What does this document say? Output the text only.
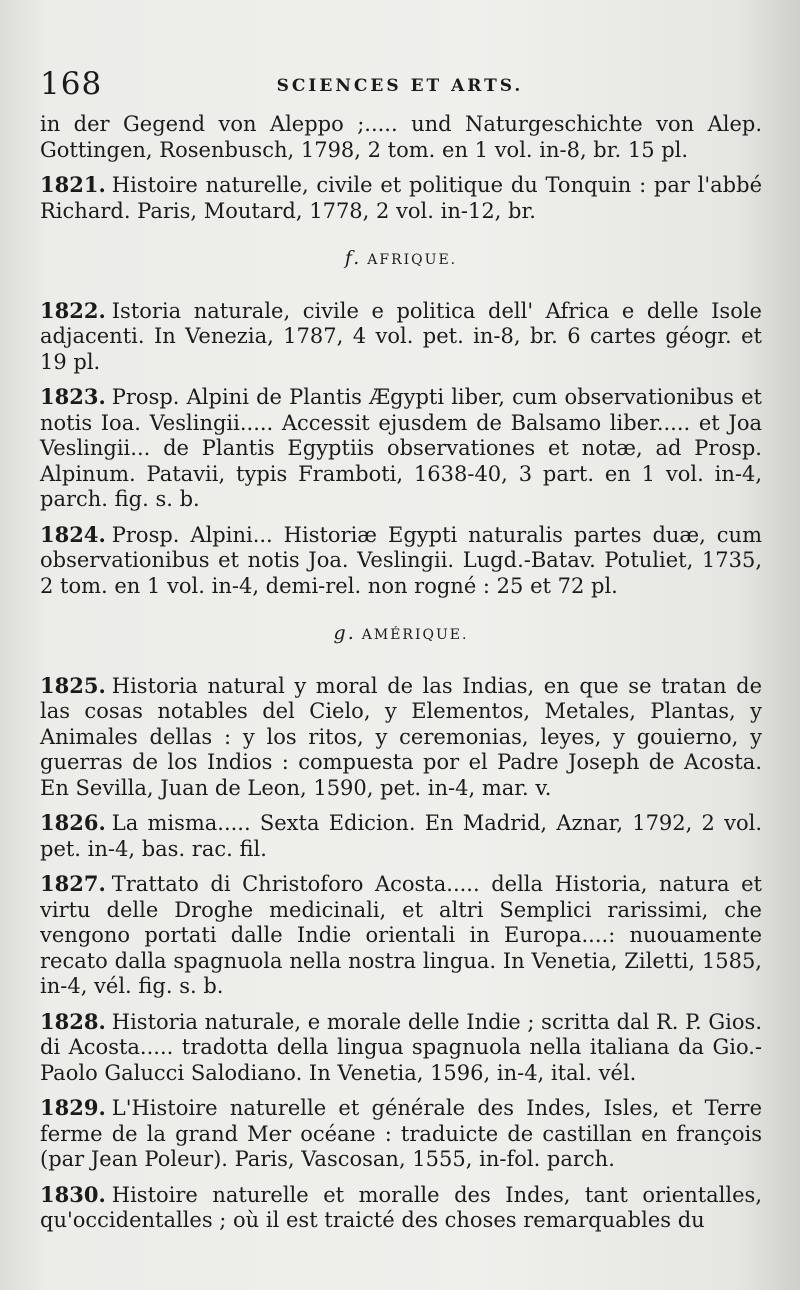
168	SCIENCES ET ARTS.

in der Gegend von Aleppo ;..... und Naturgeschichte von Alep. Gottingen, Rosenbusch, 1798, 2 tom. en 1 vol. in-8, br. 15 pl.

1821. Histoire naturelle, civile et politique du Tonquin : par l'abbé Richard. Paris, Moutard, 1778, 2 vol. in-12, br.

f. AFRIQUE.

1822. Istoria naturale, civile e politica dell' Africa e delle Isole adjacenti. In Venezia, 1787, 4 vol. pet. in-8, br. 6 cartes géogr. et 19 pl.

1823. Prosp. Alpini de Plantis Ægypti liber, cum observationibus et notis Ioa. Veslingii..... Accessit ejusdem de Balsamo liber..... et Joa Veslingii... de Plantis Egyptiis observationes et notæ, ad Prosp. Alpinum. Patavii, typis Framboti, 1638-40, 3 part. en 1 vol. in-4, parch. fig. s. b.

1824. Prosp. Alpini... Historiæ Egypti naturalis partes duæ, cum observationibus et notis Joa. Veslingii. Lugd.-Batav. Potuliet, 1735, 2 tom. en 1 vol. in-4, demi-rel. non rogné : 25 et 72 pl.

g. AMÉRIQUE.

1825. Historia natural y moral de las Indias, en que se tratan de las cosas notables del Cielo, y Elementos, Metales, Plantas, y Animales dellas : y los ritos, y ceremonias, leyes, y gouierno, y guerras de los Indios : compuesta por el Padre Joseph de Acosta. En Sevilla, Juan de Leon, 1590, pet. in-4, mar. v.

1826. La misma..... Sexta Edicion. En Madrid, Aznar, 1792, 2 vol. pet. in-4, bas. rac. fil.

1827. Trattato di Christoforo Acosta..... della Historia, natura et virtu delle Droghe medicinali, et altri Semplici rarissimi, che vengono portati dalle Indie orientali in Europa....: nuouamente recato dalla spagnuola nella nostra lingua. In Venetia, Ziletti, 1585, in-4, vél. fig. s. b.

1828. Historia naturale, e morale delle Indie ; scritta dal R. P. Gios. di Acosta..... tradotta della lingua spagnuola nella italiana da Gio.-Paolo Galucci Salodiano. In Venetia, 1596, in-4, ital. vél.

1829. L'Histoire naturelle et générale des Indes, Isles, et Terre ferme de la grand Mer océane : traduicte de castillan en françois (par Jean Poleur). Paris, Vascosan, 1555, in-fol. parch.

1830. Histoire naturelle et moralle des Indes, tant orientalles, qu'occidentalles ; où il est traicté des choses remarquables du
